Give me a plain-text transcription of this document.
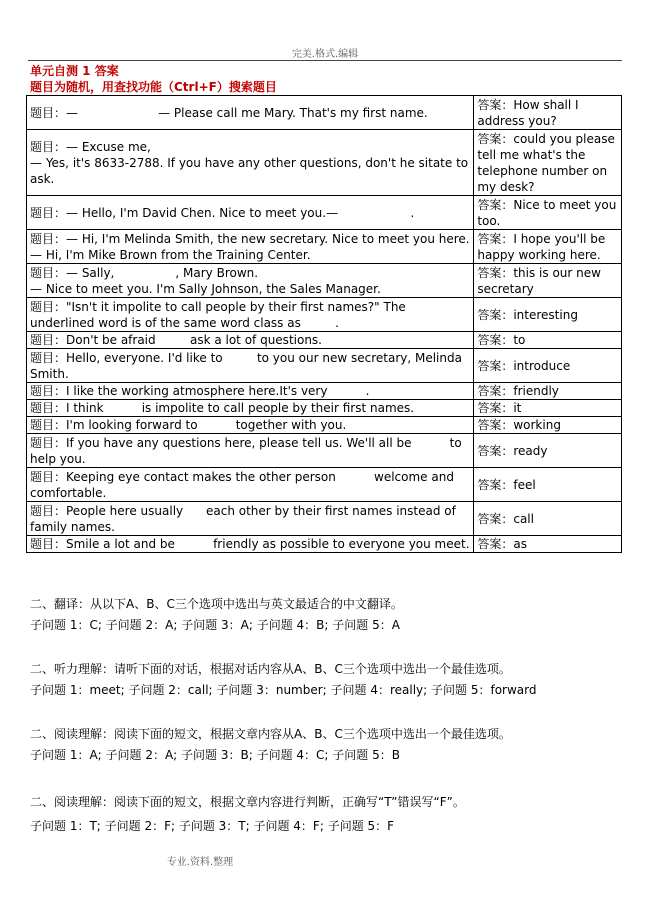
完美.格式.编辑
单元自测 1 答案
题目为随机，用查找功能（Ctrl+F）搜索题目
题目：—                     — Please call me Mary. That's my first name.	答案：How shall I address you?
题目：— Excuse me,
— Yes, it's 8633-2788. If you have any other questions, don't he sitate to ask.	答案：could you please tell me what's the telephone number on my desk?
题目：— Hello, I'm David Chen. Nice to meet you.—                   .	答案：Nice to meet you too.
题目：— Hi, I'm Melinda Smith, the new secretary. Nice to meet you here.
— Hi, I'm Mike Brown from the Training Center.	答案：I hope you'll be happy working here.
题目：— Sally,                , Mary Brown.
— Nice to meet you. I'm Sally Johnson, the Sales Manager.	答案：this is our new secretary
题目："Isn't it impolite to call people by their first names?" The underlined word is of the same word class as         .	答案：interesting
题目：Don't be afraid         ask a lot of questions.	答案：to
题目：Hello, everyone. I'd like to         to you our new secretary, Melinda Smith.	答案：introduce
题目：I like the working atmosphere here.It's very          .	答案：friendly
题目：I think          is impolite to call people by their first names.	答案：it
题目：I'm looking forward to          together with you.	答案：working
题目：If you have any questions here, please tell us. We'll all be          to help you.	答案：ready
题目：Keeping eye contact makes the other person          welcome and comfortable.	答案：feel
题目：People here usually      each other by their first names instead of family names.	答案：call
题目：Smile a lot and be          friendly as possible to everyone you meet.	答案：as
二、翻译：从以下A、B、C三个选项中选出与英文最适合的中文翻译。
子问题 1：C; 子问题 2：A; 子问题 3：A; 子问题 4：B; 子问题 5：A
二、听力理解：请听下面的对话，根据对话内容从A、B、C三个选项中选出一个最佳选项。
子问题 1：meet; 子问题 2：call; 子问题 3：number; 子问题 4：really; 子问题 5：forward
二、阅读理解：阅读下面的短文，根据文章内容从A、B、C三个选项中选出一个最佳选项。
子问题 1：A; 子问题 2：A; 子问题 3：B; 子问题 4：C; 子问题 5：B
二、阅读理解：阅读下面的短文，根据文章内容进行判断，正确写“T”错误写“F”。
子问题 1：T; 子问题 2：F; 子问题 3：T; 子问题 4：F; 子问题 5：F
专业.资料.整理
